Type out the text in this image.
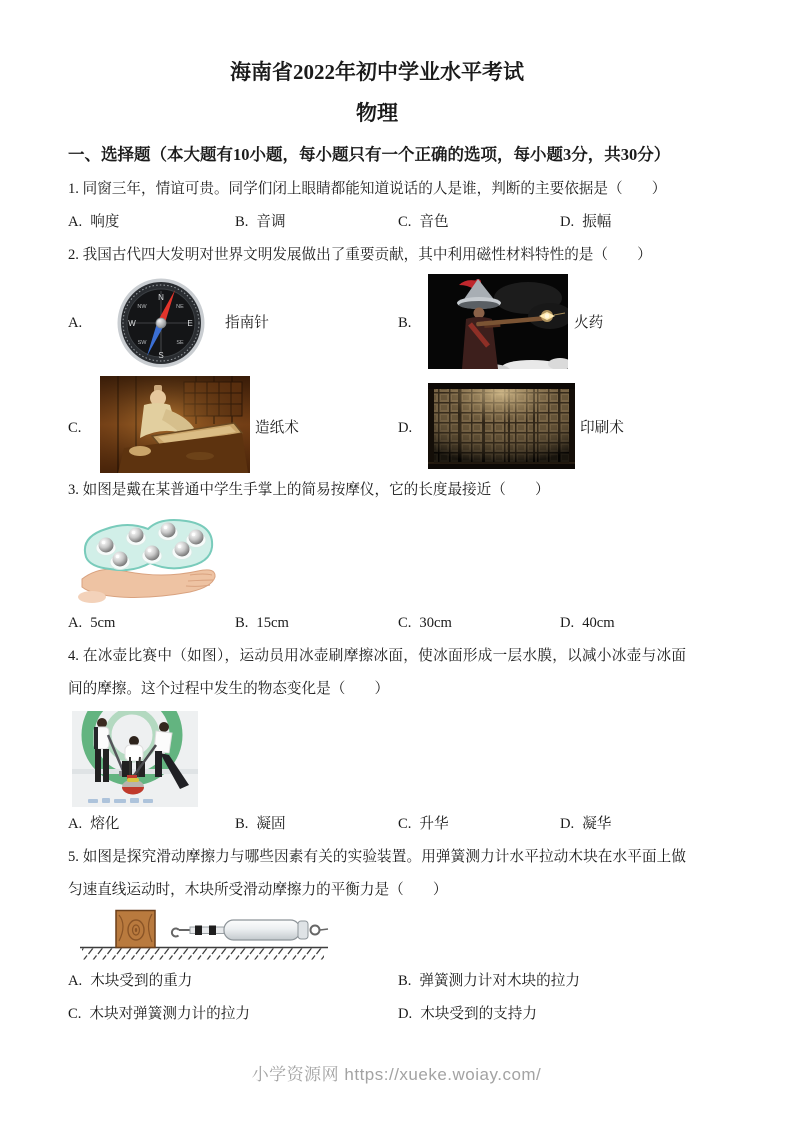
海南省2022年初中学业水平考试
物理
一、选择题（本大题有10小题，每小题只有一个正确的选项，每小题3分，共30分）

1. 同窗三年，情谊可贵。同学们闭上眼睛都能知道说话的人是谁，判断的主要依据是（　　）

A. 响度	B. 音调	C. 音色	D. 振幅

2. 我国古代四大发明对世界文明发展做出了重要贡献，其中利用磁性材料特性的是（　　）

A.
N
E
S
W
NE
SE
SW
NW
指南针	B.	火药
C.	造纸术	D.	印刷术

3. 如图是戴在某普通中学生手掌上的简易按摩仪，它的长度最接近（　　）

A. 5cm	B. 15cm	C. 30cm	D. 40cm

4. 在冰壶比赛中（如图），运动员用冰壶刷摩擦冰面，使冰面形成一层水膜，以减小冰壶与冰面间的摩擦。这个过程中发生的物态变化是（　　）

A. 熔化	B. 凝固	C. 升华	D. 凝华

5. 如图是探究滑动摩擦力与哪些因素有关的实验装置。用弹簧测力计水平拉动木块在水平面上做匀速直线运动时，木块所受滑动摩擦力的平衡力是（　　）

A. 木块受到的重力	B. 弹簧测力计对木块的拉力
C. 木块对弹簧测力计的拉力	D. 木块受到的支持力
小学资源网 https://xueke.woiay.com/
